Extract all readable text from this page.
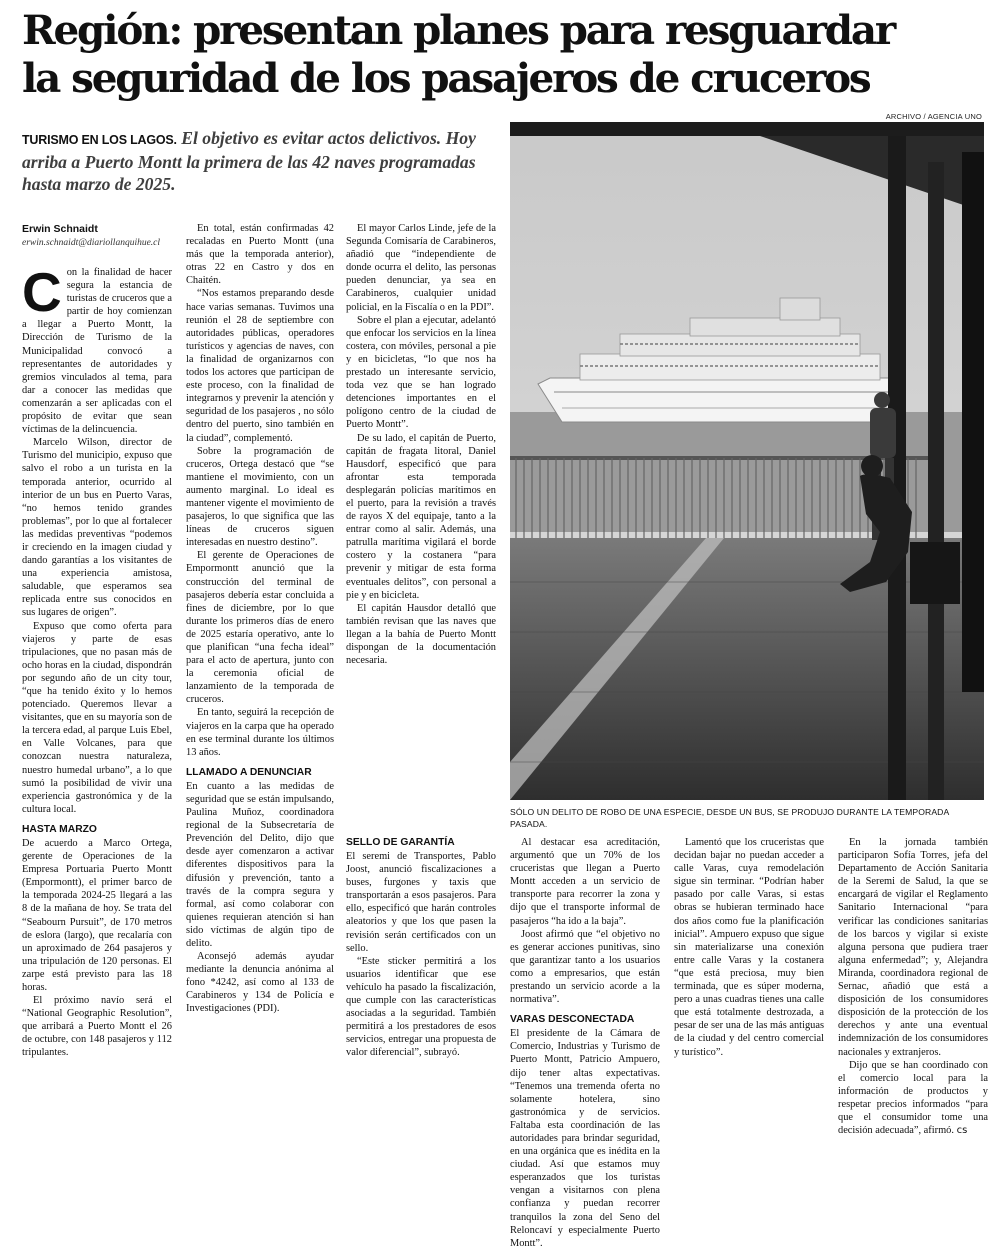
Región: presentan planes para resguardar
la seguridad de los pasajeros de cruceros
ARCHIVO / AGENCIA UNO

TURISMO EN LOS LAGOS. El objetivo es evitar actos delictivos. Hoy arriba a Puerto Montt la primera de las 42 naves programadas hasta marzo de 2025.

Erwin Schnaidt
erwin.schnaidt@diariollanquihue.cl
SÓLO UN DELITO DE ROBO DE UNA ESPECIE, DESDE UN BUS, SE PRODUJO DURANTE LA TEMPORADA PASADA.

Con la finalidad de hacer segura la estancia de turistas de cruceros que a partir de hoy comienzan a llegar a Puerto Montt, la Dirección de Turismo de la Municipalidad convocó a representantes de autoridades y gremios vinculados al tema, para dar a conocer las medidas que comenzarán a ser aplicadas con el propósito de evitar que sean víctimas de la delincuencia.

Marcelo Wilson, director de Turismo del municipio, expuso que salvo el robo a un turista en la temporada anterior, ocurrido al interior de un bus en Puerto Varas, “no hemos tenido grandes problemas”, por lo que al fortalecer las medidas preventivas “podemos ir creciendo en la imagen ciudad y dando garantías a los visitantes de una experiencia amistosa, saludable, que esperamos sea replicada entre sus conocidos en sus lugares de origen”.

Expuso que como oferta para viajeros y parte de esas tripulaciones, que no pasan más de ocho horas en la ciudad, dispondrán por segundo año de un city tour, “que ha tenido éxito y lo hemos potenciado. Queremos llevar a visitantes, que en su mayoría son de la tercera edad, al parque Luis Ebel, en Valle Volcanes, para que conozcan nuestra naturaleza, nuestro humedal urbano”, a lo que sumó la posibilidad de vivir una experiencia gastronómica y de la cultura local.

HASTA MARZO

De acuerdo a Marco Ortega, gerente de Operaciones de la Empresa Portuaria Puerto Montt (Empormontt), el primer barco de la temporada 2024-25 llegará a las 8 de la mañana de hoy. Se trata del “Seabourn Pursuit”, de 170 metros de eslora (largo), que recalaría con un aproximado de 264 pasajeros y una tripulación de 120 personas. El zarpe está previsto para las 18 horas.

El próximo navío será el “National Geographic Resolution”, que arribará a Puerto Montt el 26 de octubre, con 148 pasajeros y 112 tripulantes.

En total, están confirmadas 42 recaladas en Puerto Montt (una más que la temporada anterior), otras 22 en Castro y dos en Chaitén.

“Nos estamos preparando desde hace varias semanas. Tuvimos una reunión el 28 de septiembre con autoridades públicas, operadores turísticos y agencias de naves, con la finalidad de organizarnos con todos los actores que participan de este proceso, con la finalidad de integrarnos y prevenir la atención y seguridad de los pasajeros , no sólo dentro del puerto, sino también en la ciudad”, complementó.

Sobre la programación de cruceros, Ortega destacó que “se mantiene el movimiento, con un aumento marginal. Lo ideal es mantener vigente el movimiento de pasajeros, lo que significa que las líneas de cruceros siguen interesadas en nuestro destino”.

El gerente de Operaciones de Empormontt anunció que la construcción del terminal de pasajeros debería estar concluida a fines de diciembre, por lo que durante los primeros días de enero de 2025 estaría operativo, ante lo que planifican “una fecha ideal” para el acto de apertura, junto con la ceremonia oficial de lanzamiento de la temporada de cruceros.

En tanto, seguirá la recepción de viajeros en la carpa que ha operado en ese terminal durante los últimos 13 años.

LLAMADO A DENUNCIAR

En cuanto a las medidas de seguridad que se están impulsando, Paulina Muñoz, coordinadora regional de la Subsecretaría de Prevención del Delito, dijo que desde ayer comenzaron a activar diferentes dispositivos para la difusión y prevención, tanto a través de la compra segura y formal, así como colaborar con quienes requieran atención si han sido víctimas de algún tipo de delito.

Aconsejó además ayudar mediante la denuncia anónima al fono *4242, así como al 133 de Carabineros y 134 de Policía e Investigaciones (PDI).

El mayor Carlos Linde, jefe de la Segunda Comisaría de Carabineros, añadió que “independiente de donde ocurra el delito, las personas pueden denunciar, ya sea en Carabineros, cualquier unidad policial, en la Fiscalía o en la PDI”.

Sobre el plan a ejecutar, adelantó que enfocar los servicios en la línea costera, con móviles, personal a pie y en bicicletas, “lo que nos ha prestado un interesante servicio, toda vez que se han logrado detenciones importantes en el polígono centro de la ciudad de Puerto Montt”.

De su lado, el capitán de Puerto, capitán de fragata litoral, Daniel Hausdorf, especificó que para afrontar esta temporada desplegarán policías marítimos en el puerto, para la revisión a través de rayos X del equipaje, tanto a la entrar como al salir. Además, una patrulla marítima vigilará el borde costero y la costanera “para prevenir y mitigar de esta forma eventuales delitos”, con personal a pie y en bicicleta.

El capitán Hausdor detalló que también revisan que las naves que llegan a la bahía de Puerto Montt dispongan de la documentación necesaria.

SELLO DE GARANTÍA

El seremi de Transportes, Pablo Joost, anunció fiscalizaciones a buses, furgones y taxis que transportarán a esos pasajeros. Para ello, especificó que harán controles aleatorios y que los que pasen la revisión serán certificados con un sello.

“Este sticker permitirá a los usuarios identificar que ese vehículo ha pasado la fiscalización, que cumple con las características asociadas a la seguridad. También permitirá a los prestadores de esos servicios, entregar una propuesta de valor diferencial”, subrayó.

Al destacar esa acreditación, argumentó que un 70% de los cruceristas que llegan a Puerto Montt acceden a un servicio de transporte para recorrer la zona y dijo que el transporte informal de pasajeros “ha ido a la baja”.

Joost afirmó que “el objetivo no es generar acciones punitivas, sino que garantizar tanto a los usuarios como a empresarios, que están prestando un servicio acorde a la normativa”.

VARAS DESCONECTADA

El presidente de la Cámara de Comercio, Industrias y Turismo de Puerto Montt, Patricio Ampuero, dijo tener altas expectativas. “Tenemos una tremenda oferta no solamente hotelera, sino gastronómica y de servicios. Faltaba esta coordinación de las autoridades para brindar seguridad, en una orgánica que es inédita en la ciudad. Así que estamos muy esperanzados que los turistas vengan a visitarnos con plena confianza y puedan recorrer tranquilos la zona del Seno del Reloncaví y especialmente Puerto Montt”.

Lamentó que los cruceristas que decidan bajar no puedan acceder a calle Varas, cuya remodelación sigue sin terminar. “Podrían haber pasado por calle Varas, si estas obras se hubieran terminado hace dos años como fue la planificación inicial”. Ampuero expuso que sigue sin materializarse una conexión entre calle Varas y la costanera “que está preciosa, muy bien terminada, que es súper moderna, pero a unas cuadras tienes una calle que está totalmente destrozada, a pesar de ser una de las más antiguas de la ciudad y del centro comercial y turístico”.

En la jornada también participaron Sofía Torres, jefa del Departamento de Acción Sanitaria de la Seremi de Salud, la que se encargará de vigilar el Reglamento Sanitario Internacional “para verificar las condiciones sanitarias de los barcos y vigilar si existe alguna persona que pudiera traer alguna enfermedad”; y, Alejandra Miranda, coordinadora regional de Sernac, añadió que está a disposición de los consumidores disposición de la protección de los derechos y ante una eventual indemnización de los consumidores nacionales y extranjeros.

Dijo que se han coordinado con el comercio local para la información de productos y respetar precios informados “para que el consumidor tome una decisión adecuada”, afirmó. cs
